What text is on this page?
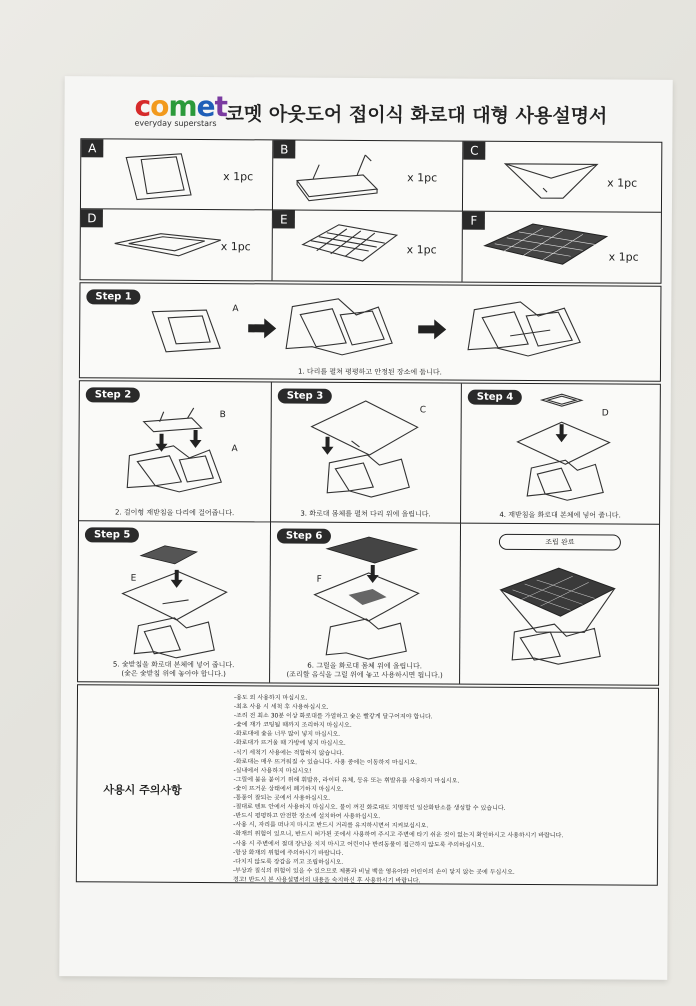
comet
everyday superstars 코멧 아웃도어 접이식 화로대 대형 사용설명서
A
x 1pc
B
x 1pc
C
x 1pc
D
x 1pc
E
x 1pc
F
x 1pc
Step 1
A
1. 다리를 펼쳐 평평하고 안정된 장소에 둡니다.
Step 2
B
A
2. 걸이형 재받침을 다리에 걸어줍니다.
Step 3
C
3. 화로대 몸체를 펼쳐 다리 위에 올립니다.
Step 4
D
4. 재받침을 화로대 본체에 넣어 줍니다.
Step 5
E
5. 숯받침을 화로대 본체에 넣어 줍니다.
(숯은 숯받침 위에 놓아야 합니다.)
Step 6
F
6. 그릴을 화로대 몸체 위에 올립니다.
(조리할 음식을 그릴 위에 놓고 사용하시면 됩니다.)
조립 완료
사용시 주의사항
-용도 외 사용하지 마십시오.
-최초 사용 시 세척 후 사용하십시오.
-조리 전 최소 30분 이상 화로대를 가열하고 숯은 빨갛게 달구어져야 합니다.
-숯에 재가 코팅될 때까지 조리하지 마십시오.
-화로대에 숯을 너무 많이 넣지 마십시오.
-화로대가 뜨거울 때 가방에 넣지 마십시오.
-식기 세척기 사용에는 적합하지 않습니다.
-화로대는 매우 뜨거워질 수 있습니다. 사용 중에는 이동하지 마십시오.
-실내에서 사용하지 마십시오!
-그릴에 불을 붙이기 위해 휘발유, 라이터 유체, 등유 또는 휘발유를 사용하지 마십시오.
-숯이 뜨거운 상태에서 폐기하지 마십시오.
-통풍이 잘되는 곳에서 사용하십시오.
-절대로 텐트 안에서 사용하지 마십시오. 불이 꺼진 화로대도 치명적인 일산화탄소를 생성할 수 있습니다.
-반드시 평평하고 안전한 장소에 설치하여 사용하십시오.
-사용 시, 자리를 떠나지 마시고 반드시 거리를 유지하시면서 지켜보십시오.
-화재의 위험이 있으니, 반드시 허가된 곳에서 사용하여 주시고 주변에 타기 쉬운 것이 없는지 확인하시고 사용하시기 바랍니다.
-사용 시 주변에서 절대 장난을 치지 마시고 어린이나 반려동물이 접근하지 않도록 주의하십시오.
-항상 화재의 위험에 주의하시기 바랍니다.
-다치지 않도록 장갑을 끼고 조립하십시오.
-부상과 질식의 위험이 있을 수 있으므로 제품과 비닐 백을 영유아와 어린이의 손이 닿지 않는 곳에 두십시오.
경고! 반드시 본 사용설명서의 내용을 숙지하신 후 사용하시기 바랍니다.
